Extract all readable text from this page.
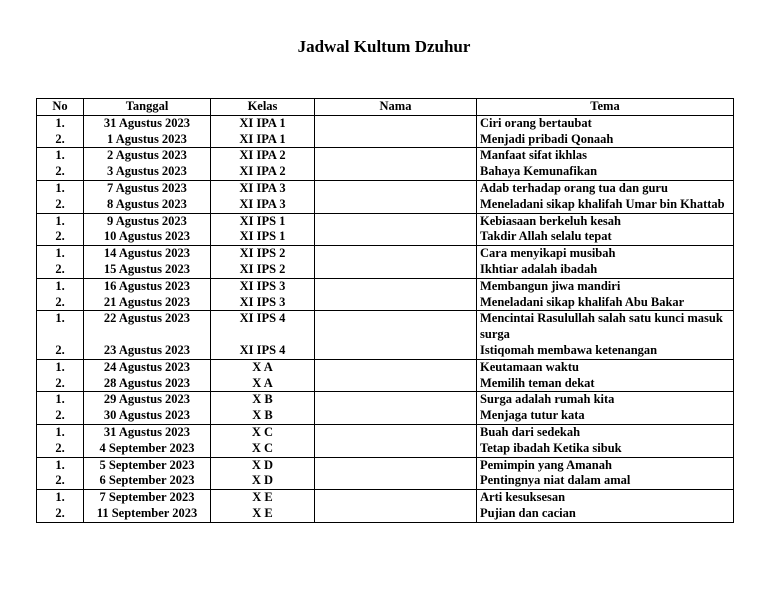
Jadwal Kultum Dzuhur
No	Tanggal	Kelas	Nama	Tema
1.	31 Agustus 2023	XI IPA 1		Ciri orang bertaubat
2.	1 Agustus 2023	XI IPA 1		Menjadi pribadi Qonaah
1.	2 Agustus 2023	XI IPA 2		Manfaat sifat ikhlas
2.	3 Agustus 2023	XI IPA 2		Bahaya Kemunafikan
1.	7 Agustus 2023	XI IPA 3		Adab terhadap orang tua dan guru
2.	8 Agustus 2023	XI IPA 3		Meneladani sikap khalifah Umar bin Khattab
1.	9 Agustus 2023	XI IPS 1		Kebiasaan berkeluh kesah
2.	10 Agustus 2023	XI IPS 1		Takdir Allah selalu tepat
1.	14 Agustus 2023	XI IPS 2		Cara menyikapi musibah
2.	15 Agustus 2023	XI IPS 2		Ikhtiar adalah ibadah
1.	16 Agustus 2023	XI IPS 3		Membangun jiwa mandiri
2.	21 Agustus 2023	XI IPS 3		Meneladani sikap khalifah Abu Bakar
1.	22 Agustus 2023	XI IPS 4		Mencintai Rasulullah salah satu kunci masuk surga
2.	23 Agustus 2023	XI IPS 4		Istiqomah membawa ketenangan
1.	24 Agustus 2023	X A		Keutamaan waktu
2.	28 Agustus 2023	X A		Memilih teman dekat
1.	29 Agustus 2023	X B		Surga adalah rumah kita
2.	30 Agustus 2023	X B		Menjaga tutur kata
1.	31 Agustus 2023	X C		Buah dari sedekah
2.	4 September 2023	X C		Tetap ibadah Ketika sibuk
1.	5 September 2023	X D		Pemimpin yang Amanah
2.	6 September 2023	X D		Pentingnya niat dalam amal
1.	7 September 2023	X E		Arti kesuksesan
2.	11 September 2023	X E		Pujian dan cacian
